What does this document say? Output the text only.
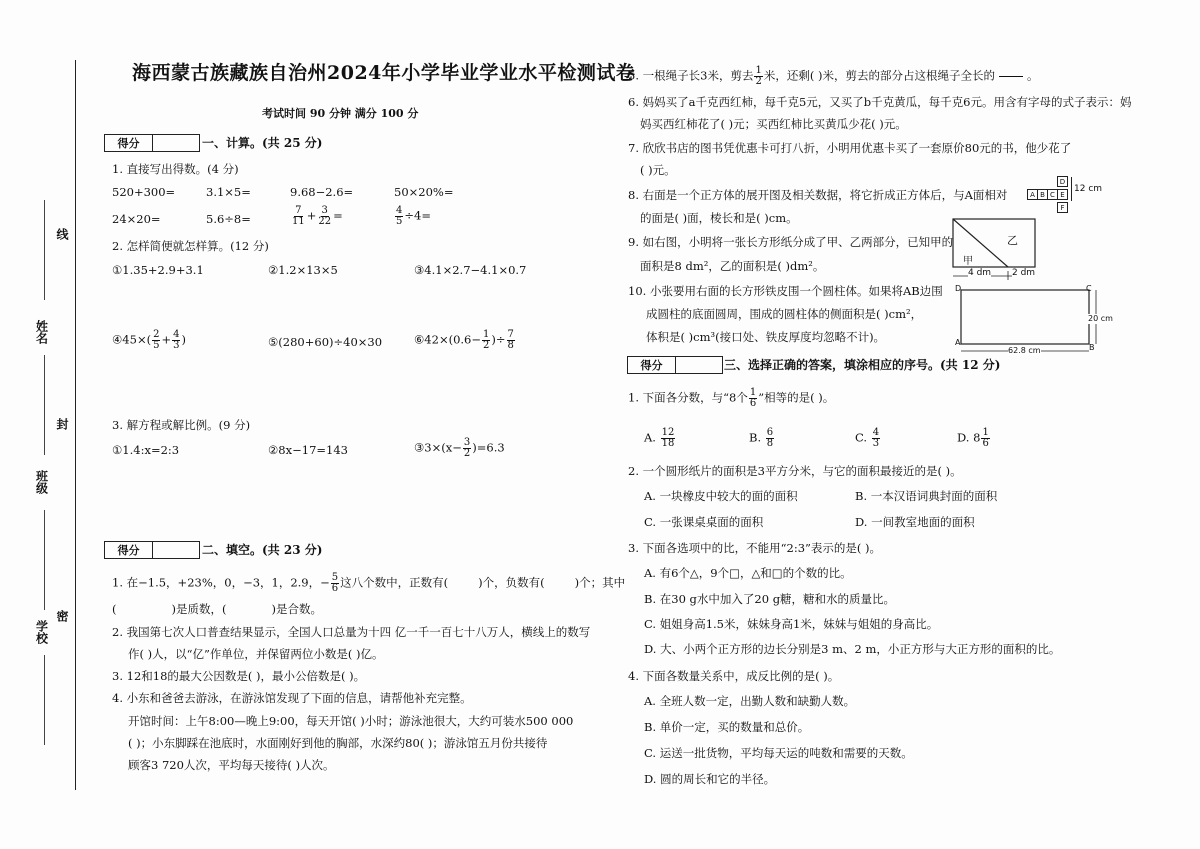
学校
班级
姓名
密
封
线
海西蒙古族藏族自治州2024年小学毕业学业水平检测试卷
考试时间 90 分钟 满分 100 分
得分	一、计算。(共 25 分)
1. 直接写出得数。(4 分)
520+300=	3.1×5=	9.68−2.6=	50×20%=
24×20=	5.6÷8=	$\frac{7}{11} + \frac{3}{22}$ =	$\frac{4}{5} \div 4=$
2. 怎样简便就怎样算。(12 分)
①1.35+2.9+3.1	②1.2×13×5	③4.1×2.7−4.1×0.7
④45×( $\frac{2}{5} + \frac{4}{3}$ )	⑤(280+60)÷40×30	⑥42×(0.6− $\frac{1}{2}$ )÷ $\frac{7}{8}$
3. 解方程或解比例。(9 分)
①1.4:x=2:3	②8x−17=143	③3×(x− $\frac{3}{2} )=6.3$
得分	二、填空。(共 23 分)
1. 在−1.5，+23%，0，−3，1，2.9，− $\frac{5}{6}$ 这八个数中，正数有(	)个，负数有(	)个；其中
(	)是质数，(	)是合数。
2. 我国第七次人口普查结果显示，全国人口总量为十四 亿一千一百七十八万人，横线上的数写
作( )人，以“亿”作单位，并保留两位小数是( )亿。
3. 12和18的最大公因数是( )，最小公倍数是( )。
4. 小东和爸爸去游泳，在游泳馆发现了下面的信息，请帮他补充完整。
开馆时间：上午8:00—晚上9:00，每天开馆( )小时；游泳池很大，大约可装水500 000
( )；小东脚踩在池底时，水面刚好到他的胸部，水深约80( )；游泳馆五月份共接待
顾客3 720人次，平均每天接待( )人次。
5. 一根绳子长3米，剪去 $\frac{1}{2}$ 米，还剩( )米，剪去的部分占这根绳子全长的

	。
6. 妈妈买了a千克西红柿，每千克5元，又买了b千克黄瓜，每千克6元。用含有字母的式子表示：妈
妈买西红柿花了( )元；买西红柿比买黄瓜少花( )元。
7. 欣欣书店的图书凭优惠卡可打八折，小明用优惠卡买了一套原价80元的书，他少花了
( )元。
8. 右面是一个正方体的展开图及相关数据，将它折成正方体后，与A面相对
的面是( )面，棱长和是( )cm。
A B C
D
E
F
12 cm
9. 如右图，小明将一张长方形纸分成了甲、乙两部分，已知甲的
面积是8 dm²，乙的面积是( )dm²。	甲
乙
4 dm 2 dm
10. 小张要用右面的长方形铁皮围一个圆柱体。如果将AB边围
成圆柱的底面圆周，围成的圆柱体的侧面积是( )cm²，
体积是( )cm³(接口处、铁皮厚度均忽略不计)。
D	C
A
B
62.8 cm
20 cm
得分	三、选择正确的答案，填涂相应的序号。(共 12 分)
1. 下面各分数，与“8个 $\frac{1}{6}$ ”相等的是( )。
A. $\frac{12}{18}$	B. $\frac{6}{8}$	C. $\frac{4}{3}$	D. $8 \frac{1}{6}$
2. 一个圆形纸片的面积是3平方分米，与它的面积最接近的是( )。
A. 一块橡皮中较大的面的面积	B. 一本汉语词典封面的面积
C. 一张课桌桌面的面积	D. 一间教室地面的面积
3. 下面各选项中的比，不能用“2:3”表示的是( )。
A. 有6个△，9个□，△和□的个数的比。
B. 在30 g水中加入了20 g糖，糖和水的质量比。
C. 姐姐身高1.5米，妹妹身高1米，妹妹与姐姐的身高比。
D. 大、小两个正方形的边长分别是3 m、2 m，小正方形与大正方形的面积的比。
4. 下面各数量关系中，成反比例的是( )。
A. 全班人数一定，出勤人数和缺勤人数。
B. 单价一定，买的数量和总价。
C. 运送一批货物，平均每天运的吨数和需要的天数。
D. 圆的周长和它的半径。
